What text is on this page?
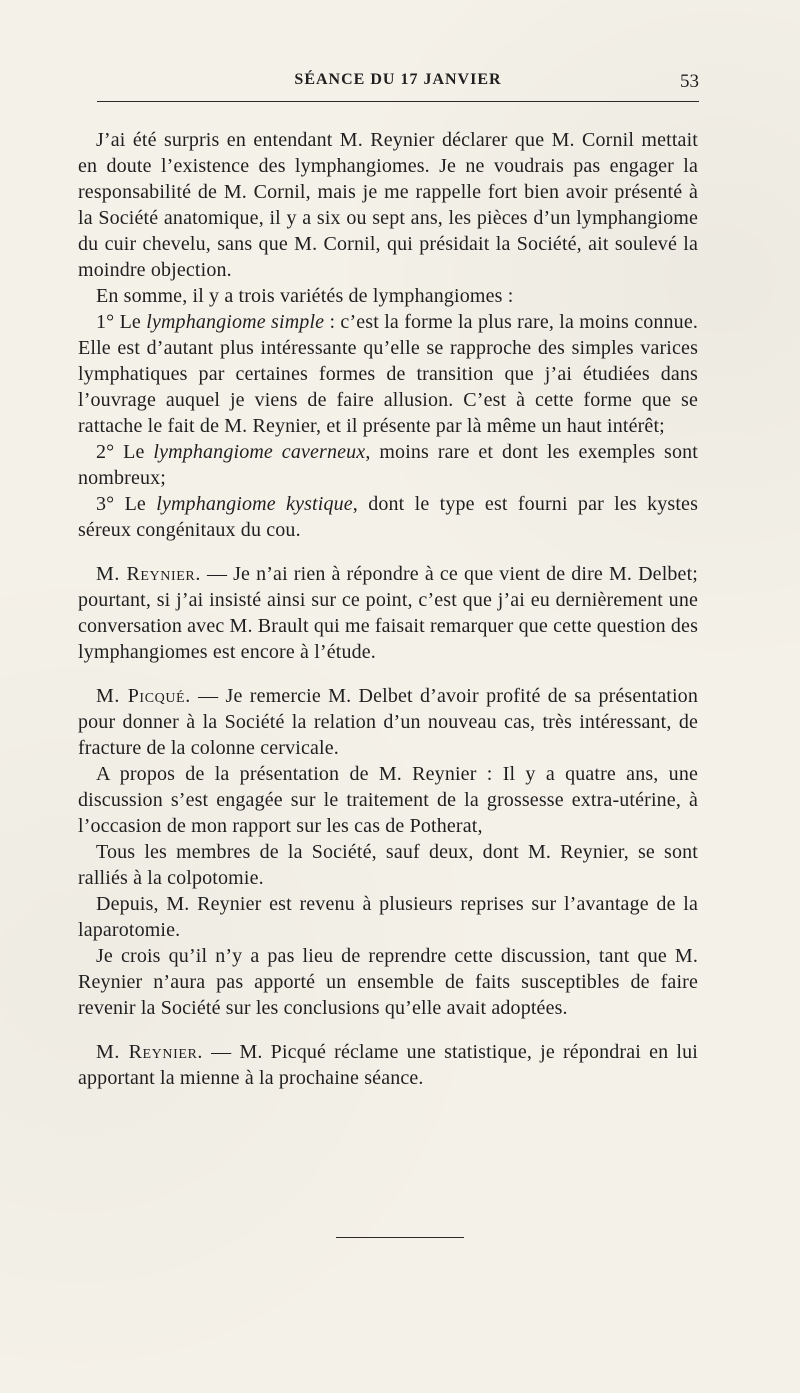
SÉANCE DU 17 JANVIER	53

J’ai été surpris en entendant M. Reynier déclarer que M. Cornil mettait en doute l’existence des lymphangiomes. Je ne voudrais pas engager la responsabilité de M. Cornil, mais je me rappelle fort bien avoir présenté à la Société anatomique, il y a six ou sept ans, les pièces d’un lymphangiome du cuir chevelu, sans que M. Cornil, qui présidait la Société, ait soulevé la moindre objection.

En somme, il y a trois variétés de lymphangiomes :

1° Le lymphangiome simple : c’est la forme la plus rare, la moins connue. Elle est d’autant plus intéressante qu’elle se rapproche des simples varices lymphatiques par certaines formes de transition que j’ai étudiées dans l’ouvrage auquel je viens de faire allusion. C’est à cette forme que se rattache le fait de M. Reynier, et il présente par là même un haut intérêt;

2° Le lymphangiome caverneux, moins rare et dont les exemples sont nombreux;

3° Le lymphangiome kystique, dont le type est fourni par les kystes séreux congénitaux du cou.

M. Reynier. — Je n’ai rien à répondre à ce que vient de dire M. Delbet; pourtant, si j’ai insisté ainsi sur ce point, c’est que j’ai eu dernièrement une conversation avec M. Brault qui me faisait remarquer que cette question des lymphangiomes est encore à l’étude.

M. Picqué. — Je remercie M. Delbet d’avoir profité de sa présentation pour donner à la Société la relation d’un nouveau cas, très intéressant, de fracture de la colonne cervicale.

A propos de la présentation de M. Reynier : Il y a quatre ans, une discussion s’est engagée sur le traitement de la grossesse extra-utérine, à l’occasion de mon rapport sur les cas de Potherat,

Tous les membres de la Société, sauf deux, dont M. Reynier, se sont ralliés à la colpotomie.

Depuis, M. Reynier est revenu à plusieurs reprises sur l’avantage de la laparotomie.

Je crois qu’il n’y a pas lieu de reprendre cette discussion, tant que M. Reynier n’aura pas apporté un ensemble de faits susceptibles de faire revenir la Société sur les conclusions qu’elle avait adoptées.

M. Reynier. — M. Picqué réclame une statistique, je répondrai en lui apportant la mienne à la prochaine séance.
